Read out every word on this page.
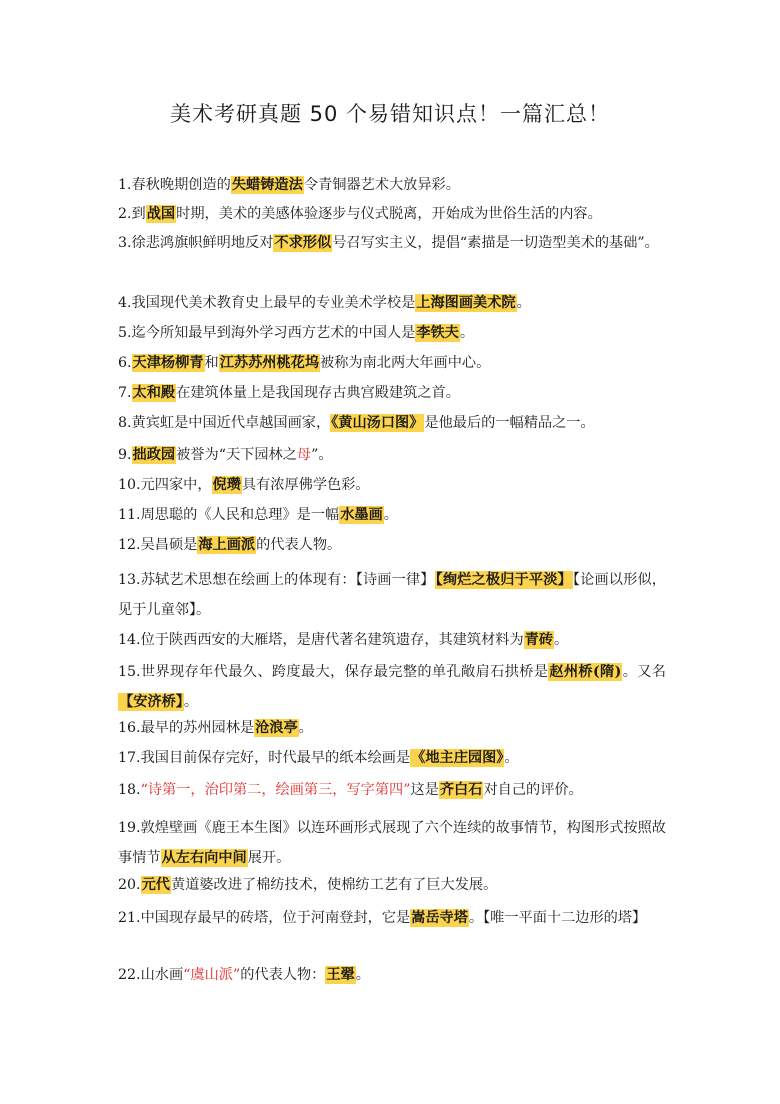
美术考研真题 50 个易错知识点！一篇汇总！
1.春秋晚期创造的失蜡铸造法令青铜器艺术大放异彩。
2.到战国时期，美术的美感体验逐步与仪式脱离，开始成为世俗生活的内容。
3.徐悲鸿旗帜鲜明地反对不求形似号召写实主义，提倡“素描是一切造型美术的基础”。
4.我国现代美术教育史上最早的专业美术学校是上海图画美术院。
5.迄今所知最早到海外学习西方艺术的中国人是李铁夫。
6.天津杨柳青和江苏苏州桃花坞被称为南北两大年画中心。
7.太和殿在建筑体量上是我国现存古典宫殿建筑之首。
8.黄宾虹是中国近代卓越国画家，《黄山汤口图》是他最后的一幅精品之一。
9.拙政园被誉为“天下园林之母”。
10.元四家中，倪瓒具有浓厚佛学色彩。
11.周思聪的《人民和总理》是一幅水墨画。
12.吴昌硕是海上画派的代表人物。
13.苏轼艺术思想在绘画上的体现有：【诗画一律】【绚烂之极归于平淡】【论画以形似，见于儿童邻】。
14.位于陕西西安的大雁塔，是唐代著名建筑遗存，其建筑材料为青砖。
15.世界现存年代最久、跨度最大，保存最完整的单孔敞肩石拱桥是赵州桥(隋)。又名【安济桥】。
16.最早的苏州园林是沧浪亭。
17.我国目前保存完好，时代最早的纸本绘画是《地主庄园图》。
18.“诗第一，治印第二，绘画第三，写字第四”这是齐白石对自己的评价。
19.敦煌壁画《鹿王本生图》以连环画形式展现了六个连续的故事情节，构图形式按照故事情节从左右向中间展开。
20.元代黄道婆改进了棉纺技术，使棉纺工艺有了巨大发展。
21.中国现存最早的砖塔，位于河南登封，它是嵩岳寺塔。【唯一平面十二边形的塔】
22.山水画“虞山派”的代表人物：王翚。
